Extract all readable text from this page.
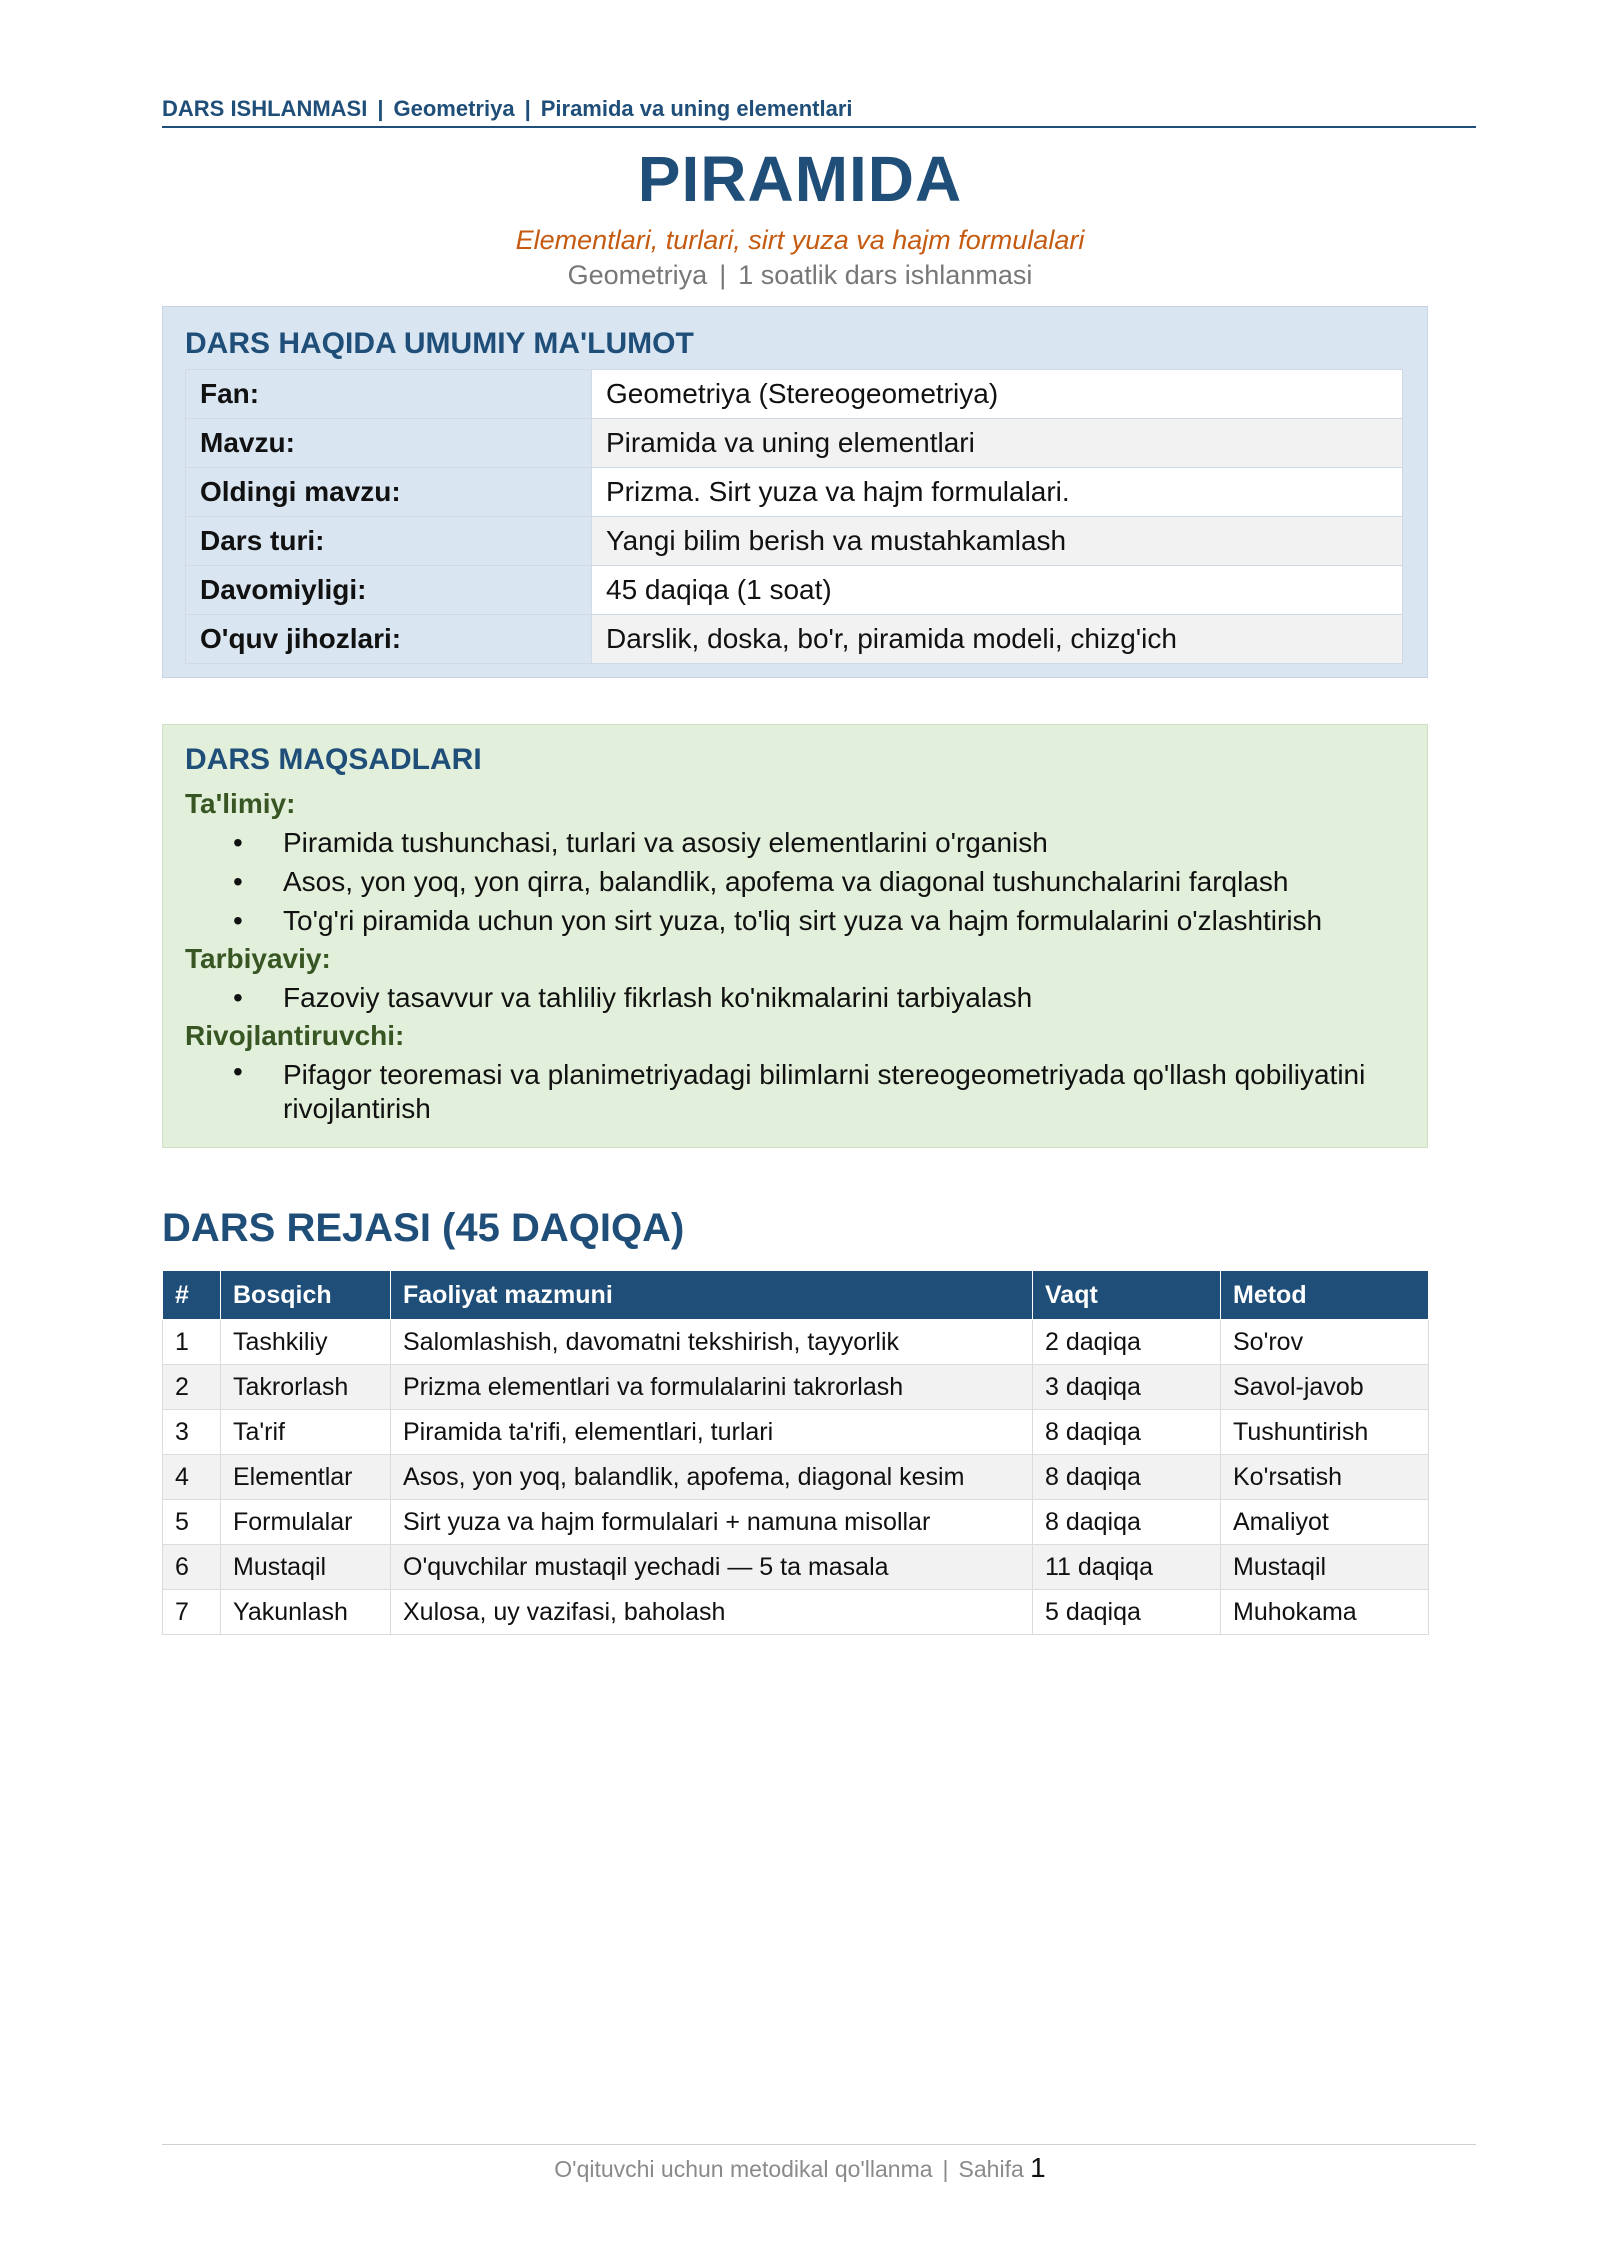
DARS ISHLANMASI | Geometriya | Piramida va uning elementlari
PIRAMIDA
Elementlari, turlari, sirt yuza va hajm formulalari
Geometriya | 1 soatlik dars ishlanmasi
DARS HAQIDA UMUMIY MA'LUMOT
Fan:	Geometriya (Stereogeometriya)
Mavzu:	Piramida va uning elementlari
Oldingi mavzu:	Prizma. Sirt yuza va hajm formulalari.
Dars turi:	Yangi bilim berish va mustahkamlash
Davomiyligi:	45 daqiqa (1 soat)
O'quv jihozlari:	Darslik, doska, bo'r, piramida modeli, chizg'ich
DARS MAQSADLARI
Ta'limiy:
• Piramida tushunchasi, turlari va asosiy elementlarini o'rganish
• Asos, yon yoq, yon qirra, balandlik, apofema va diagonal tushunchalarini farqlash
• To'g'ri piramida uchun yon sirt yuza, to'liq sirt yuza va hajm formulalarini o'zlashtirish
Tarbiyaviy:
• Fazoviy tasavvur va tahliliy fikrlash ko'nikmalarini tarbiyalash
Rivojlantiruvchi:
• Pifagor teoremasi va planimetriyadagi bilimlarni stereogeometriyada qo'llash qobiliyatini rivojlantirish
DARS REJASI (45 DAQIQA)
#	Bosqich	Faoliyat mazmuni	Vaqt	Metod
1	Tashkiliy	Salomlashish, davomatni tekshirish, tayyorlik	2 daqiqa	So'rov
2	Takrorlash	Prizma elementlari va formulalarini takrorlash	3 daqiqa	Savol-javob
3	Ta'rif	Piramida ta'rifi, elementlari, turlari	8 daqiqa	Tushuntirish
4	Elementlar	Asos, yon yoq, balandlik, apofema, diagonal kesim	8 daqiqa	Ko'rsatish
5	Formulalar	Sirt yuza va hajm formulalari + namuna misollar	8 daqiqa	Amaliyot
6	Mustaqil	O'quvchilar mustaqil yechadi — 5 ta masala	11 daqiqa	Mustaqil
7	Yakunlash	Xulosa, uy vazifasi, baholash	5 daqiqa	Muhokama
O'qituvchi uchun metodikal qo'llanma | Sahifa 1
